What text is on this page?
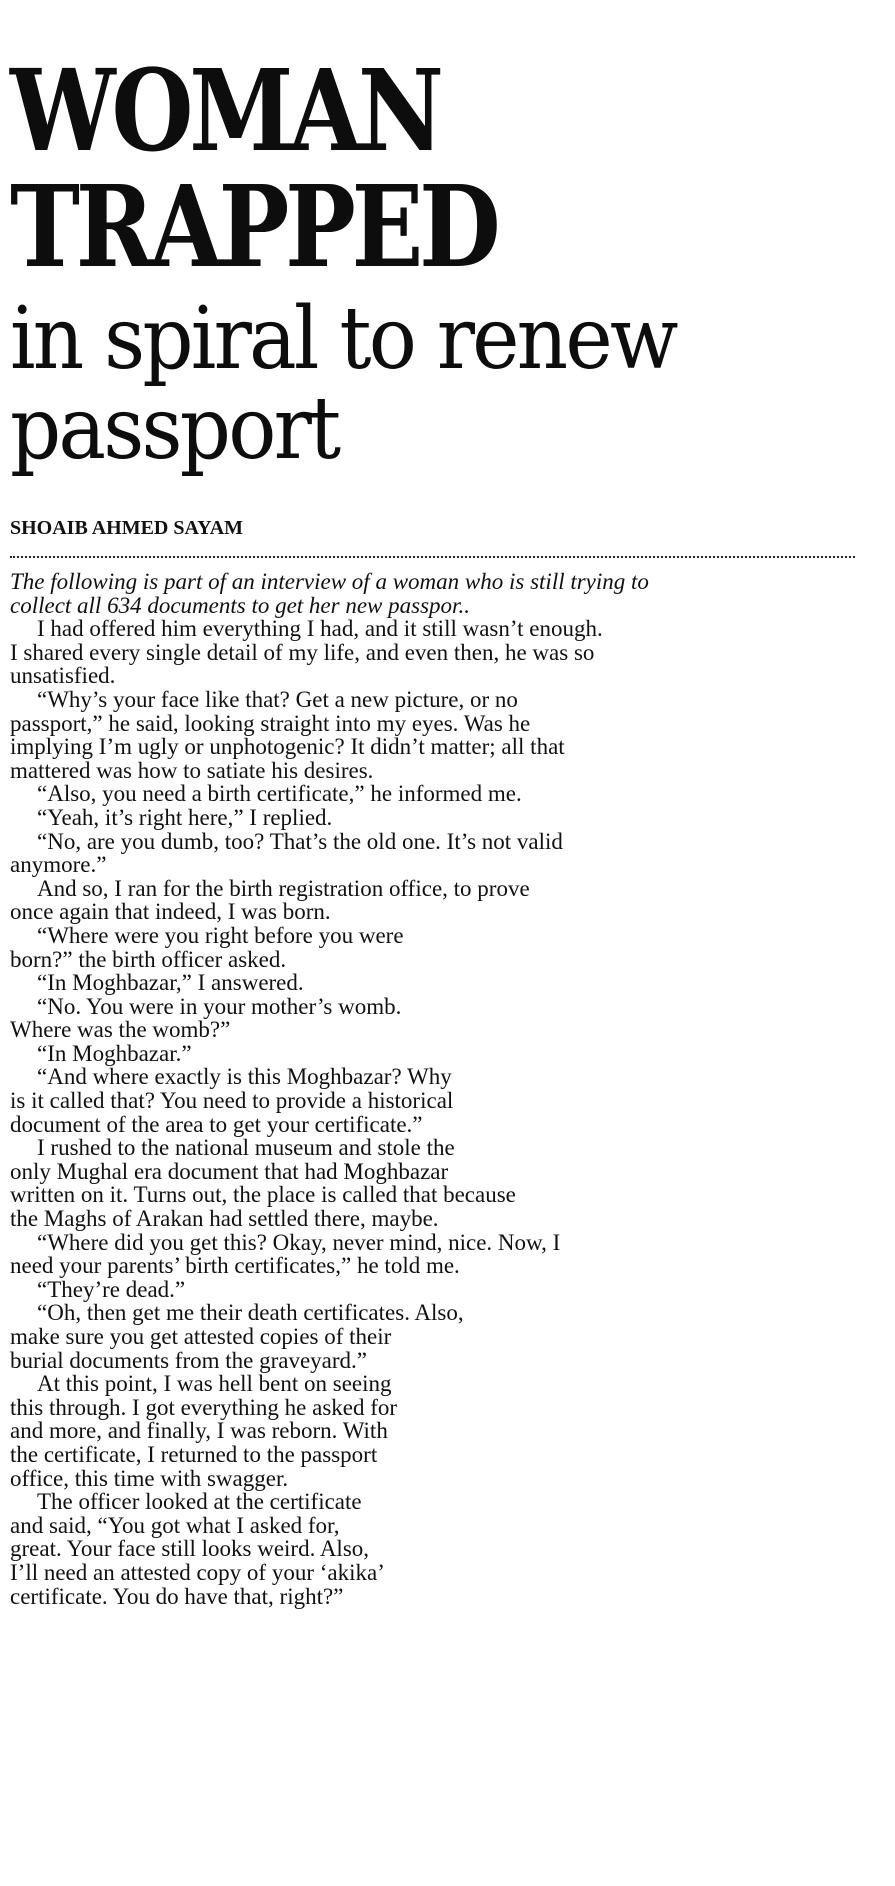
WOMAN
TRAPPED
in spiral to renew
passport
SHOAIB AHMED SAYAM
The following is part of an interview of a woman who is still trying to
collect all 634 documents to get her new passpor..
I had offered him everything I had, and it still wasn’t enough.
I shared every single detail of my life, and even then, he was so
unsatisfied.
“Why’s your face like that? Get a new picture, or no
passport,” he said, looking straight into my eyes. Was he
implying I’m ugly or unphotogenic? It didn’t matter; all that
mattered was how to satiate his desires.
“Also, you need a birth certificate,” he informed me.
“Yeah, it’s right here,” I replied.
“No, are you dumb, too? That’s the old one. It’s not valid
anymore.”
And so, I ran for the birth registration office, to prove
once again that indeed, I was born.
“Where were you right before you were
born?” the birth officer asked.
“In Moghbazar,” I answered.
“No. You were in your mother’s womb.
Where was the womb?”
“In Moghbazar.”
“And where exactly is this Moghbazar? Why
is it called that? You need to provide a historical
document of the area to get your certificate.”
I rushed to the national museum and stole the
only Mughal era document that had Moghbazar
written on it. Turns out, the place is called that because
the Maghs of Arakan had settled there, maybe.
“Where did you get this? Okay, never mind, nice. Now, I
need your parents’ birth certificates,” he told me.
“They’re dead.”
“Oh, then get me their death certificates. Also,
make sure you get attested copies of their
burial documents from the graveyard.”
At this point, I was hell bent on seeing
this through. I got everything he asked for
and more, and finally, I was reborn. With
the certificate, I returned to the passport
office, this time with swagger.
The officer looked at the certificate
and said, “You got what I asked for,
great. Your face still looks weird. Also,
I’ll need an attested copy of your ‘akika’
certificate. You do have that, right?”
